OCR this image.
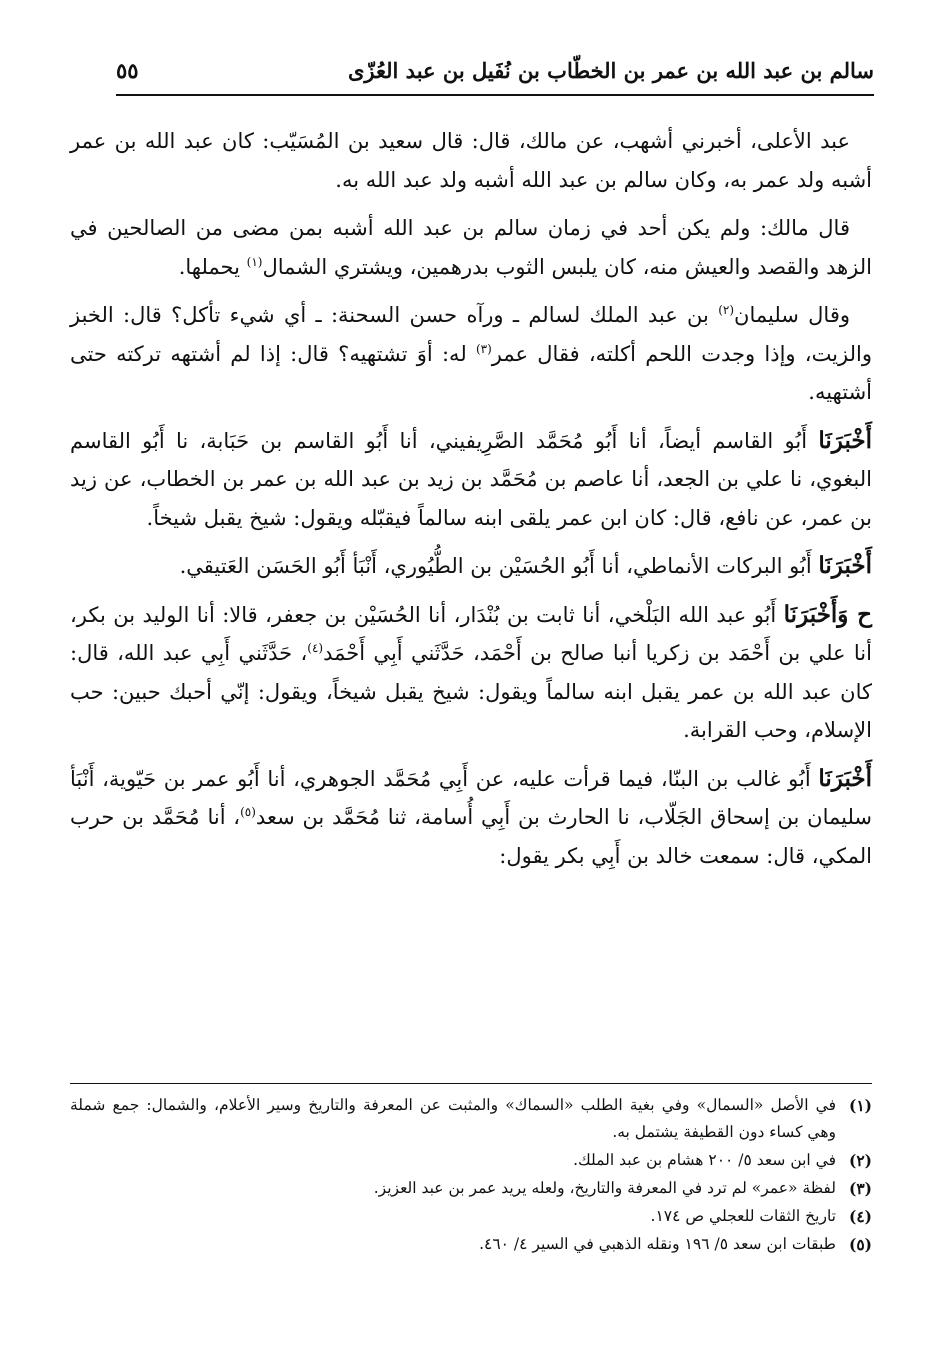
سالم بن عبد الله بن عمر بن الخطّاب بن نُفَيل بن عبد العُزّى
٥٥

عبد الأعلى، أخبرني أشهب، عن مالك، قال: قال سعيد بن المُسَيّب: كان عبد الله بن عمر أشبه ولد عمر به، وكان سالم بن عبد الله أشبه ولد عبد الله به.

قال مالك: ولم يكن أحد في زمان سالم بن عبد الله أشبه بمن مضى من الصالحين في الزهد والقصد والعيش منه، كان يلبس الثوب بدرهمين، ويشتري الشمال$^{(١)}$ يحملها.

وقال سليمان$^{(٢)}$ بن عبد الملك لسالم ـ ورآه حسن السحنة: ـ أي شيء تأكل؟ قال: الخبز والزيت، وإذا وجدت اللحم أكلته، فقال عمر$^{(٣)}$ له: أوَ تشتهيه؟ قال: إذا لم أشتهه تركته حتى أشتهيه.

أَخْبَرَنَا أَبُو القاسم أيضاً، أنا أَبُو مُحَمَّد الصَّرِيفيني، أنا أَبُو القاسم بن حَبَابة، نا أَبُو القاسم البغوي، نا علي بن الجعد، أنا عاصم بن مُحَمَّد بن زيد بن عبد الله بن عمر بن الخطاب، عن زيد بن عمر، عن نافع، قال: كان ابن عمر يلقى ابنه سالماً فيقبّله ويقول: شيخ يقبل شيخاً.

أَخْبَرَنَا أَبُو البركات الأنماطي، أنا أَبُو الحُسَيْن بن الطُّيُوري، أَنْبَأ أَبُو الحَسَن العَتيقي.

ح وَأَخْبَرَنَا أَبُو عبد الله البَلْخي، أنا ثابت بن بُنْدَار، أنا الحُسَيْن بن جعفر، قالا: أنا الوليد بن بكر، أنا علي بن أَحْمَد بن زكريا أنبا صالح بن أَحْمَد، حَدَّثَني أَبِي أَحْمَد$^{(٤)}$، حَدَّثَني أَبِي عبد الله، قال: كان عبد الله بن عمر يقبل ابنه سالماً ويقول: شيخ يقبل شيخاً، ويقول: إنّي أحبك حبين: حب الإسلام، وحب القرابة.

أَخْبَرَنَا أَبُو غالب بن البنّا، فيما قرأت عليه، عن أَبِي مُحَمَّد الجوهري، أنا أَبُو عمر بن حَيّوية، أَنْبَأ سليمان بن إسحاق الجَلّاب، نا الحارث بن أَبِي أُسامة، ثنا مُحَمَّد بن سعد$^{(٥)}$، أنا مُحَمَّد بن حرب المكي، قال: سمعت خالد بن أَبِي بكر يقول:

(١)
في الأصل «السمال» وفي بغية الطلب «السماك» والمثبت عن المعرفة والتاريخ وسير الأعلام، والشمال: جمع شملة وهي كساء دون القطيفة يشتمل به.
(٢)
في ابن سعد ٥/ ٢٠٠ هشام بن عبد الملك.
(٣)
لفظة «عمر» لم ترد في المعرفة والتاريخ، ولعله يريد عمر بن عبد العزيز.
(٤)
تاريخ الثقات للعجلي ص ١٧٤.
(٥)
طبقات ابن سعد ٥/ ١٩٦ ونقله الذهبي في السير ٤/ ٤٦٠.
